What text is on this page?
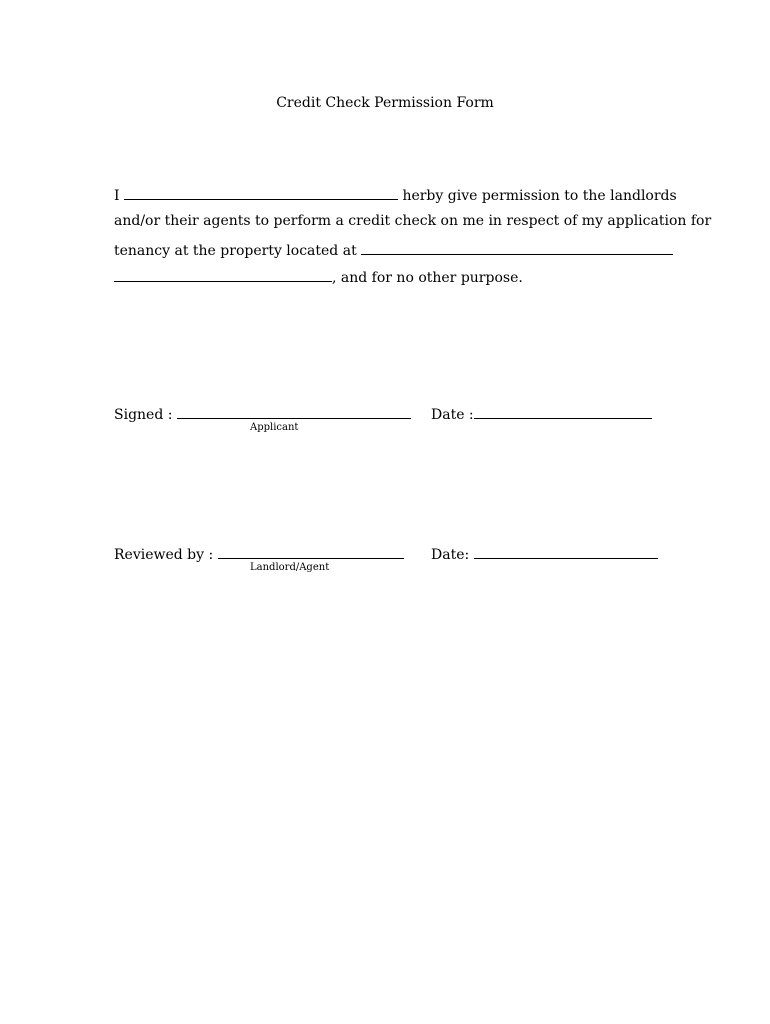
Credit Check Permission Form
I	herby give permission to the landlords
and/or their agents to perform a credit check on me in respect of my application for
tenancy at the property located at
, and for no other purpose.
Signed :	Date :
Applicant
Reviewed by :	Date:
Landlord/Agent
